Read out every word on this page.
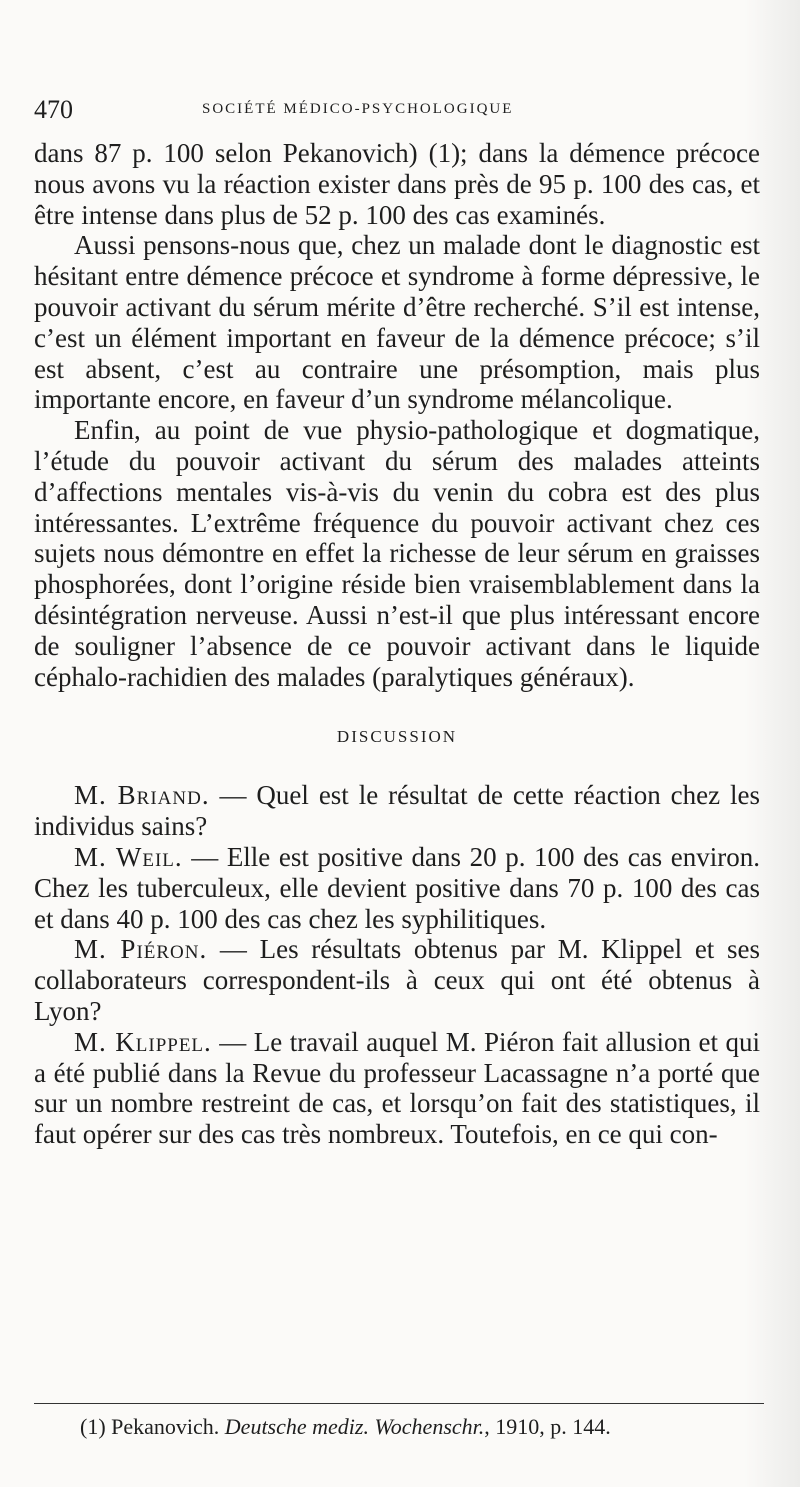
470	SOCIÉTÉ MÉDICO-PSYCHOLOGIQUE

dans 87 p. 100 selon Pekanovich) (1); dans la démence précoce nous avons vu la réaction exister dans près de 95 p. 100 des cas, et être intense dans plus de 52 p. 100 des cas examinés.

Aussi pensons-nous que, chez un malade dont le diagnostic est hésitant entre démence précoce et syndrome à forme dépressive, le pouvoir activant du sérum mérite d’être recherché. S’il est intense, c’est un élément important en faveur de la démence précoce; s’il est absent, c’est au contraire une présomption, mais plus importante encore, en faveur d’un syndrome mélancolique.

Enfin, au point de vue physio-pathologique et dogmatique, l’étude du pouvoir activant du sérum des malades atteints d’affections mentales vis-à-vis du venin du cobra est des plus intéressantes. L’extrême fréquence du pouvoir activant chez ces sujets nous démontre en effet la richesse de leur sérum en graisses phosphorées, dont l’origine réside bien vraisemblablement dans la désintégration nerveuse. Aussi n’est-il que plus intéressant encore de souligner l’absence de ce pouvoir activant dans le liquide céphalo-rachidien des malades (paralytiques généraux).

DISCUSSION

M. Briand. — Quel est le résultat de cette réaction chez les individus sains?

M. Weil. — Elle est positive dans 20 p. 100 des cas environ. Chez les tuberculeux, elle devient positive dans 70 p. 100 des cas et dans 40 p. 100 des cas chez les syphilitiques.

M. Piéron. — Les résultats obtenus par M. Klippel et ses collaborateurs correspondent-ils à ceux qui ont été obtenus à Lyon?

M. Klippel. — Le travail auquel M. Piéron fait allusion et qui a été publié dans la Revue du professeur Lacassagne n’a porté que sur un nombre restreint de cas, et lorsqu’on fait des statistiques, il faut opérer sur des cas très nombreux. Toutefois, en ce qui con-

(1) Pekanovich. Deutsche mediz. Wochenschr., 1910, p. 144.
